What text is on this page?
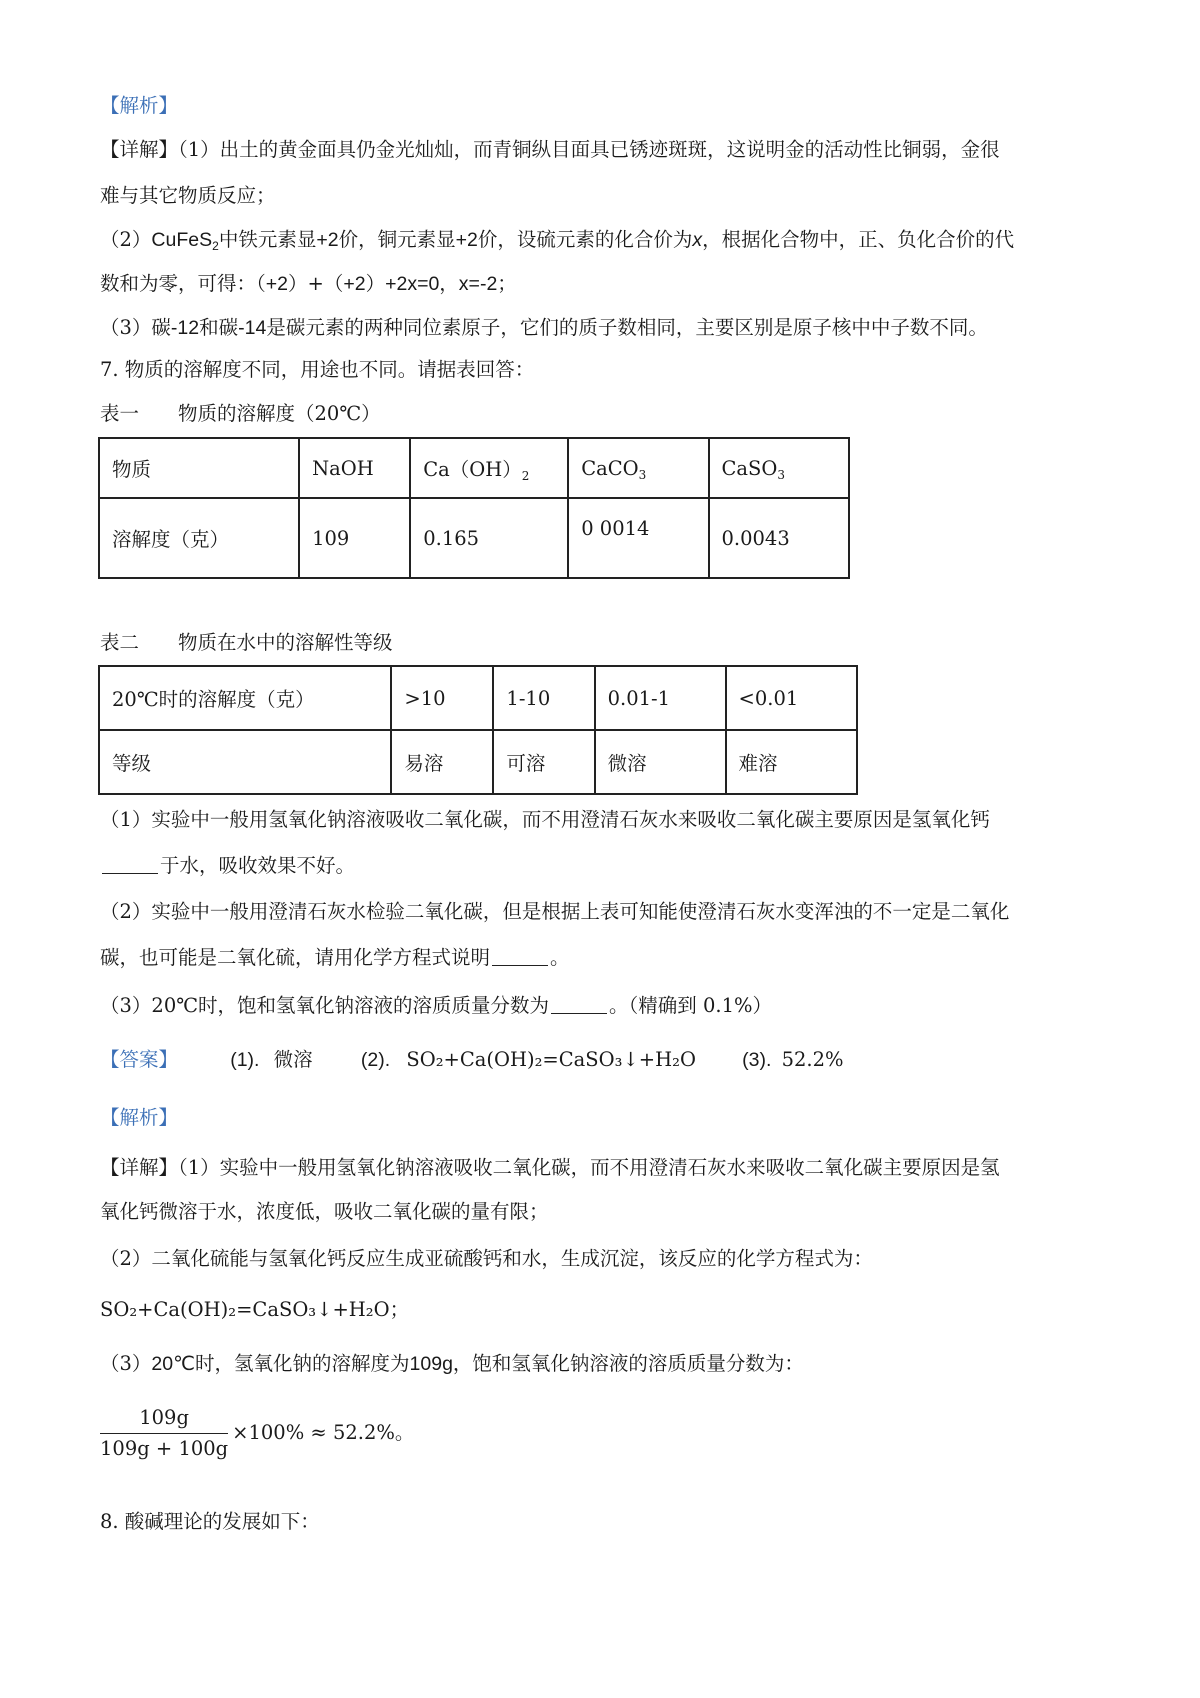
【解析】
【详解】（1）出土的黄金面具仍金光灿灿，而青铜纵目面具已锈迹斑斑，这说明金的活动性比铜弱，金很
难与其它物质反应；
（2）CuFeS$_2$中铁元素显+2价，铜元素显+2价，设硫元素的化合价为x，根据化合物中，正、负化合价的代
数和为零，可得：（+2）+（+2）+2x=0，x=-2；
（3）碳-12和碳-14是碳元素的两种同位素原子，它们的质子数相同，主要区别是原子核中中子数不同。
7. 物质的溶解度不同，用途也不同。请据表回答：
表一　　物质的溶解度（20℃）
物质	NaOH	$Ca(OH)_2$	CaCO$_3$	CaSO$_3$
溶解度（克）	109	0.165	0 0014	0.0043
表二　　物质在水中的溶解性等级
20℃时的溶解度（克）	>10	1-10	0.01-1	<0.01
等级	易溶	可溶	微溶	难溶
（1）实验中一般用氢氧化钠溶液吸收二氧化碳，而不用澄清石灰水来吸收二氧化碳主要原因是氢氧化钙
于水，吸收效果不好。
（2）实验中一般用澄清石灰水检验二氧化碳，但是根据上表可知能使澄清石灰水变浑浊的不一定是二氧化
碳，也可能是二氧化硫，请用化学方程式说明	。
（3）20℃时，饱和氢氧化钠溶液的溶质质量分数为	。（精确到 0.1%）
【答案】	(1). 微溶 (2). SO₂+Ca(OH)₂=CaSO₃↓+H₂O (3). 52.2%
【解析】
【详解】（1）实验中一般用氢氧化钠溶液吸收二氧化碳，而不用澄清石灰水来吸收二氧化碳主要原因是氢
氧化钙微溶于水，浓度低，吸收二氧化碳的量有限；
（2）二氧化硫能与氢氧化钙反应生成亚硫酸钙和水，生成沉淀，该反应的化学方程式为：
SO₂+Ca(OH)₂=CaSO₃↓+H₂O；
（3）20℃时，氢氧化钠的溶解度为109g，饱和氢氧化钠溶液的溶质质量分数为：
$\frac{109g}{109g + 100g} \times 100\% \approx 52.2\%$。
8. 酸碱理论的发展如下：
